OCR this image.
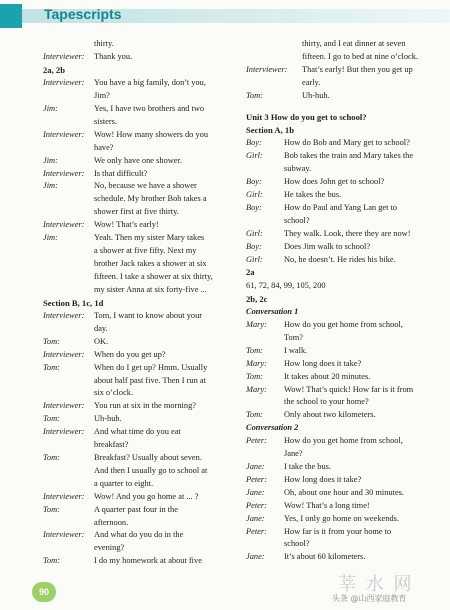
Tapescripts
thirty.
Interviewer: Thank you.
2a, 2b
Interviewer: You have a big family, don’t you,
Jim?
Jim:	Yes, I have two brothers and two
sisters.
Interviewer: Wow! How many showers do you
have?
Jim:	We only have one shower.
Interviewer: Is that difficult?
Jim:	No, because we have a shower
schedule. My brother Bob takes a
shower first at five thirty.
Interviewer: Wow! That’s early!
Jim:	Yeah. Then my sister Mary takes
a shower at five fifty. Next my
brother Jack takes a shower at six
fifteen. I take a shower at six thirty,
my sister Anna at six forty-five ...
Section B, 1c, 1d
Interviewer: Tom, I want to know about your
day.
Tom:	OK.
Interviewer: When do you get up?
Tom:	When do I get up? Hmm. Usually
about half past five. Then I run at
six o’clock.
Interviewer: You run at six in the morning?
Tom:	Uh-huh.
Interviewer: And what time do you eat
breakfast?
Tom:	Breakfast? Usually about seven.
And then I usually go to school at
a quarter to eight.
Interviewer: Wow! And you go home at ... ?
Tom:	A quarter past four in the
afternoon.
Interviewer: And what do you do in the
evening?
Tom:	I do my homework at about five
thirty, and I eat dinner at seven
fifteen. I go to bed at nine o’clock.
Interviewer: That’s early! But then you get up
early.
Tom:	Uh-huh.
Unit 3 How do you get to school?
Section A, 1b
Boy:	How do Bob and Mary get to school?
Girl:	Bob takes the train and Mary takes the
subway.
Boy:	How does John get to school?
Girl:	He takes the bus.
Boy:	How do Paul and Yang Lan get to
school?
Girl:	They walk. Look, there they are now!
Boy:	Does Jim walk to school?
Girl:	No, he doesn’t. He rides his bike.
2a
61, 72, 84, 99, 105, 200
2b, 2c
Conversation 1
Mary: How do you get home from school,
Tom?
Tom:	I walk.
Mary: How long does it take?
Tom:	It takes about 20 minutes.
Mary: Wow! That’s quick! How far is it from
the school to your home?
Tom:	Only about two kilometers.
Conversation 2
Peter: How do you get home from school,
Jane?
Jane: I take the bus.
Peter: How long does it take?
Jane: Oh, about one hour and 30 minutes.
Peter: Wow! That’s a long time!
Jane: Yes, I only go home on weekends.
Peter: How far is it from your home to
school?
Jane: It’s about 60 kilometers.
90	莘 水 网
头条 @山西家庭教育
